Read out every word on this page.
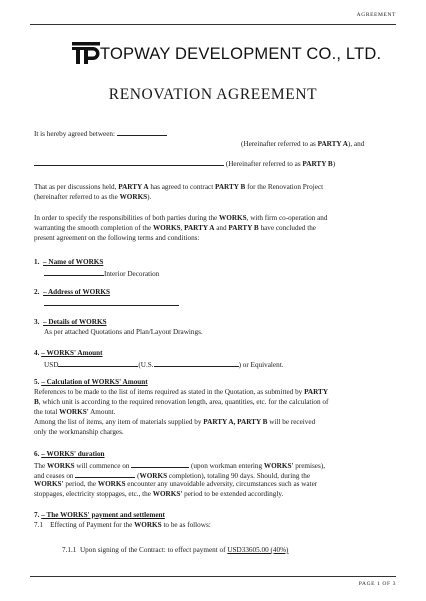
AGREEMENT
TOPWAY DEVELOPMENT CO., LTD.
RENOVATION AGREEMENT
It is hereby agreed between:
(Hereinafter referred to as PARTY A), and
(Hereinafter referred to as PARTY B)
That as per discussions held, PARTY A has agreed to contract PARTY B for the Renovation Project
(hereinafter referred to as the WORKS).
In order to specify the responsibilities of both parties during the WORKS, with firm co-operation and
warranting the smooth completion of the WORKS, PARTY A and PARTY B have concluded the
present agreement on the following terms and conditions:
1. – Name of WORKS
Interior Decoration
2. – Address of WORKS
3. – Details of WORKS
As per attached Quotations and Plan/Layout Drawings.
4. – WORKS' Amount
USD	(U.S.	) or Equivalent.
5. – Calculation of WORKS' Amount
References to be made to the list of items required as stated in the Quotation, as submitted by PARTY
B, which unit is according to the required renovation length, area, quantities, etc. for the calculation of
the total WORKS' Amount.
Among the list of items, any item of materials supplied by PARTY A, PARTY B will be received
only the workmanship charges.
6. – WORKS' duration
The WORKS will commence on	(upon workman entering WORKS' premises),
and ceases on	(WORKS completion), totaling 90 days. Should, during the
WORKS' period, the WORKS encounter any unavoidable adversity, circumstances such as water
stoppages, electricity stoppages, etc., the WORKS' period to be extended accordingly.
7. – The WORKS' payment and settlement
7.1 Effecting of Payment for the WORKS to be as follows:
7.1.1 Upon signing of the Contract: to effect payment of USD33605.00 (40%)
PAGE 1 OF 3
